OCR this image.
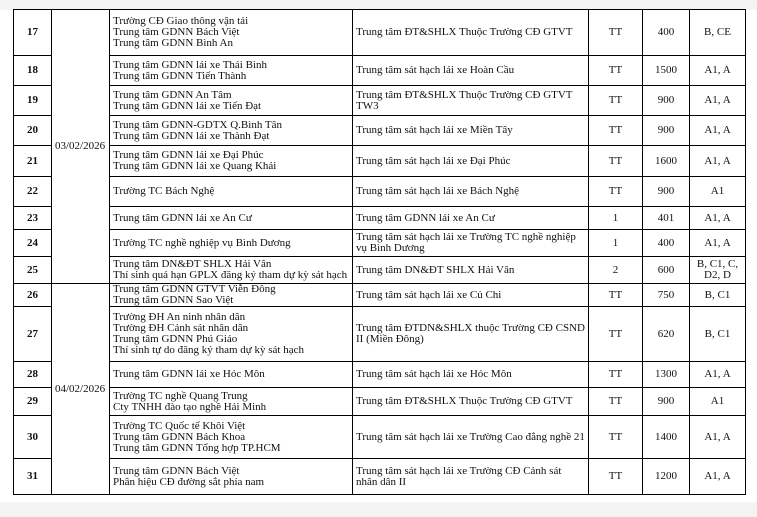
17	03/02/2026	Trường CĐ Giao thông vận tải
Trung tâm GDNN Bách Việt
Trung tâm GDNN Bình An	Trung tâm ĐT&SHLX Thuộc Trường CĐ GTVT	TT	400	B, CE
18		Trung tâm GDNN lái xe Thái Bình
Trung tâm GDNN Tiến Thành	Trung tâm sát hạch lái xe Hoàn Cầu	TT	1500	A1, A
19		Trung tâm GDNN An Tâm
Trung tâm GDNN lái xe Tiến Đạt	Trung tâm ĐT&SHLX Thuộc Trường CĐ GTVT TW3	TT	900	A1, A
20		Trung tâm GDNN-GDTX Q.Bình Tân
Trung tâm GDNN lái xe Thành Đạt	Trung tâm sát hạch lái xe Miền Tây	TT	900	A1, A
21		Trung tâm GDNN lái xe Đại Phúc
Trung tâm GDNN lái xe Quang Khải	Trung tâm sát hạch lái xe Đại Phúc	TT	1600	A1, A
22		Trường TC Bách Nghệ	Trung tâm sát hạch lái xe Bách Nghệ	TT	900	A1
23		Trung tâm GDNN lái xe An Cư	Trung tâm GDNN lái xe An Cư	1	401	A1, A
24		Trường TC nghề nghiệp vụ Bình Dương	Trung tâm sát hạch lái xe Trường TC nghề nghiệp vụ Bình Dương	1	400	A1, A
25		Trung tâm DN&ĐT SHLX Hải Vân
Thí sinh quá hạn GPLX đăng ký tham dự kỳ sát hạch	Trung tâm DN&ĐT SHLX Hải Vân	2	600	B, C1, C, D2, D
26	04/02/2026	Trung tâm GDNN GTVT Viễn Đông
Trung tâm GDNN Sao Việt	Trung tâm sát hạch lái xe Củ Chi	TT	750	B, C1
27		Trường ĐH An ninh nhân dân
Trường ĐH Cảnh sát nhân dân
Trung tâm GDNN Phú Giáo
Thí sinh tự do đăng ký tham dự kỳ sát hạch	Trung tâm ĐTDN&SHLX thuộc Trường CĐ CSND II (Miền Đông)	TT	620	B, C1
28		Trung tâm GDNN lái xe Hóc Môn	Trung tâm sát hạch lái xe Hóc Môn	TT	1300	A1, A
29		Trường TC nghề Quang Trung
Cty TNHH đào tạo nghề Hải Minh	Trung tâm ĐT&SHLX Thuộc Trường CĐ GTVT	TT	900	A1
30		Trường TC Quốc tế Khôi Việt
Trung tâm GDNN Bách Khoa
Trung tâm GDNN Tổng hợp TP.HCM	Trung tâm sát hạch lái xe Trường Cao đẳng nghề 21	TT	1400	A1, A
31		Trung tâm GDNN Bách Việt
Phân hiệu CĐ đường sắt phía nam	Trung tâm sát hạch lái xe Trường CĐ Cảnh sát nhân dân II	TT	1200	A1, A
